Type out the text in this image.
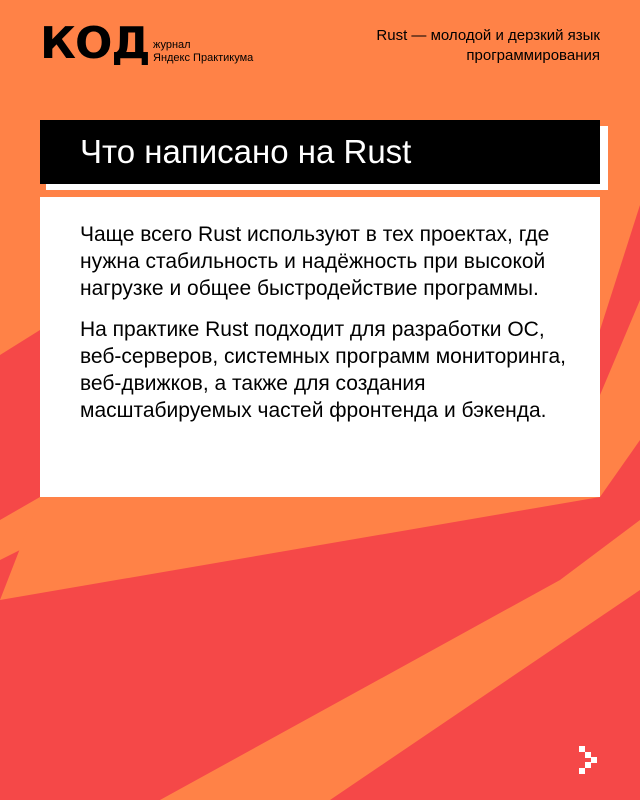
КОД журнал
Яндекс Практикума
Rust — молодой и дерзкий язык
программирования
Что написано на Rust

Чаще всего Rust используют в тех проектах, где нужна стабильность и надёжность при высокой нагрузке и общее быстродействие программы.

На практике Rust подходит для разработки ОС, веб-серверов, системных программ мониторинга, веб-движков, а также для создания масштабируемых частей фронтенда и бэкенда.
